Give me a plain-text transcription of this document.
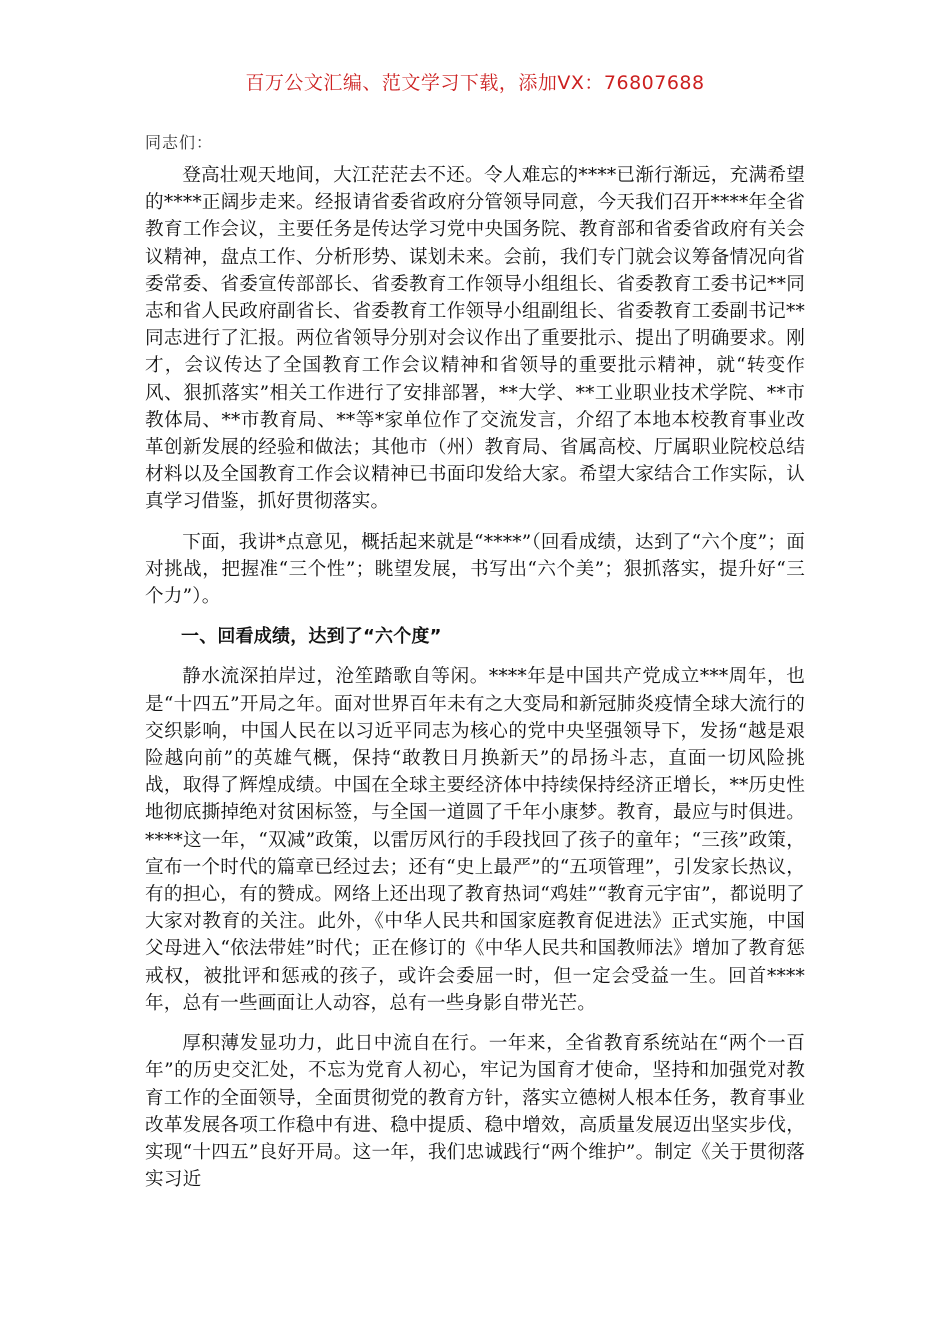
百万公文汇编、范文学习下载，添加VX：76807688
同志们：

登高壮观天地间，大江茫茫去不还。令人难忘的****已渐行渐远，充满希望的****正阔步走来。经报请省委省政府分管领导同意，今天我们召开****年全省教育工作会议，主要任务是传达学习党中央国务院、教育部和省委省政府有关会议精神，盘点工作、分析形势、谋划未来。会前，我们专门就会议筹备情况向省委常委、省委宣传部部长、省委教育工作领导小组组长、省委教育工委书记**同志和省人民政府副省长、省委教育工作领导小组副组长、省委教育工委副书记**同志进行了汇报。两位省领导分别对会议作出了重要批示、提出了明确要求。刚才，会议传达了全国教育工作会议精神和省领导的重要批示精神，就“转变作风、狠抓落实”相关工作进行了安排部署，**大学、**工业职业技术学院、**市教体局、**市教育局、**等*家单位作了交流发言，介绍了本地本校教育事业改革创新发展的经验和做法；其他市（州）教育局、省属高校、厅属职业院校总结材料以及全国教育工作会议精神已书面印发给大家。希望大家结合工作实际，认真学习借鉴，抓好贯彻落实。

下面，我讲*点意见，概括起来就是“****”（回看成绩，达到了“六个度”；面对挑战，把握准“三个性”；眺望发展，书写出“六个美”；狠抓落实，提升好“三个力”）。

一、回看成绩，达到了“六个度”

静水流深拍岸过，沧笙踏歌自等闲。****年是中国共产党成立***周年，也是“十四五”开局之年。面对世界百年未有之大变局和新冠肺炎疫情全球大流行的交织影响，中国人民在以习近平同志为核心的党中央坚强领导下，发扬“越是艰险越向前”的英雄气概，保持“敢教日月换新天”的昂扬斗志，直面一切风险挑战，取得了辉煌成绩。中国在全球主要经济体中持续保持经济正增长，**历史性地彻底撕掉绝对贫困标签，与全国一道圆了千年小康梦。教育，最应与时俱进。****这一年，“双减”政策，以雷厉风行的手段找回了孩子的童年；“三孩”政策，宣布一个时代的篇章已经过去；还有“史上最严”的“五项管理”，引发家长热议，有的担心，有的赞成。网络上还出现了教育热词“鸡娃”“教育元宇宙”，都说明了大家对教育的关注。此外，《中华人民共和国家庭教育促进法》正式实施，中国父母进入“依法带娃”时代；正在修订的《中华人民共和国教师法》增加了教育惩戒权，被批评和惩戒的孩子，或许会委屈一时，但一定会受益一生。回首****年，总有一些画面让人动容，总有一些身影自带光芒。

厚积薄发显功力，此日中流自在行。一年来，全省教育系统站在“两个一百年”的历史交汇处，不忘为党育人初心，牢记为国育才使命，坚持和加强党对教育工作的全面领导，全面贯彻党的教育方针，落实立德树人根本任务，教育事业改革发展各项工作稳中有进、稳中提质、稳中增效，高质量发展迈出坚实步伐，实现“十四五”良好开局。这一年，我们忠诚践行“两个维护”。制定《关于贯彻落实习近
